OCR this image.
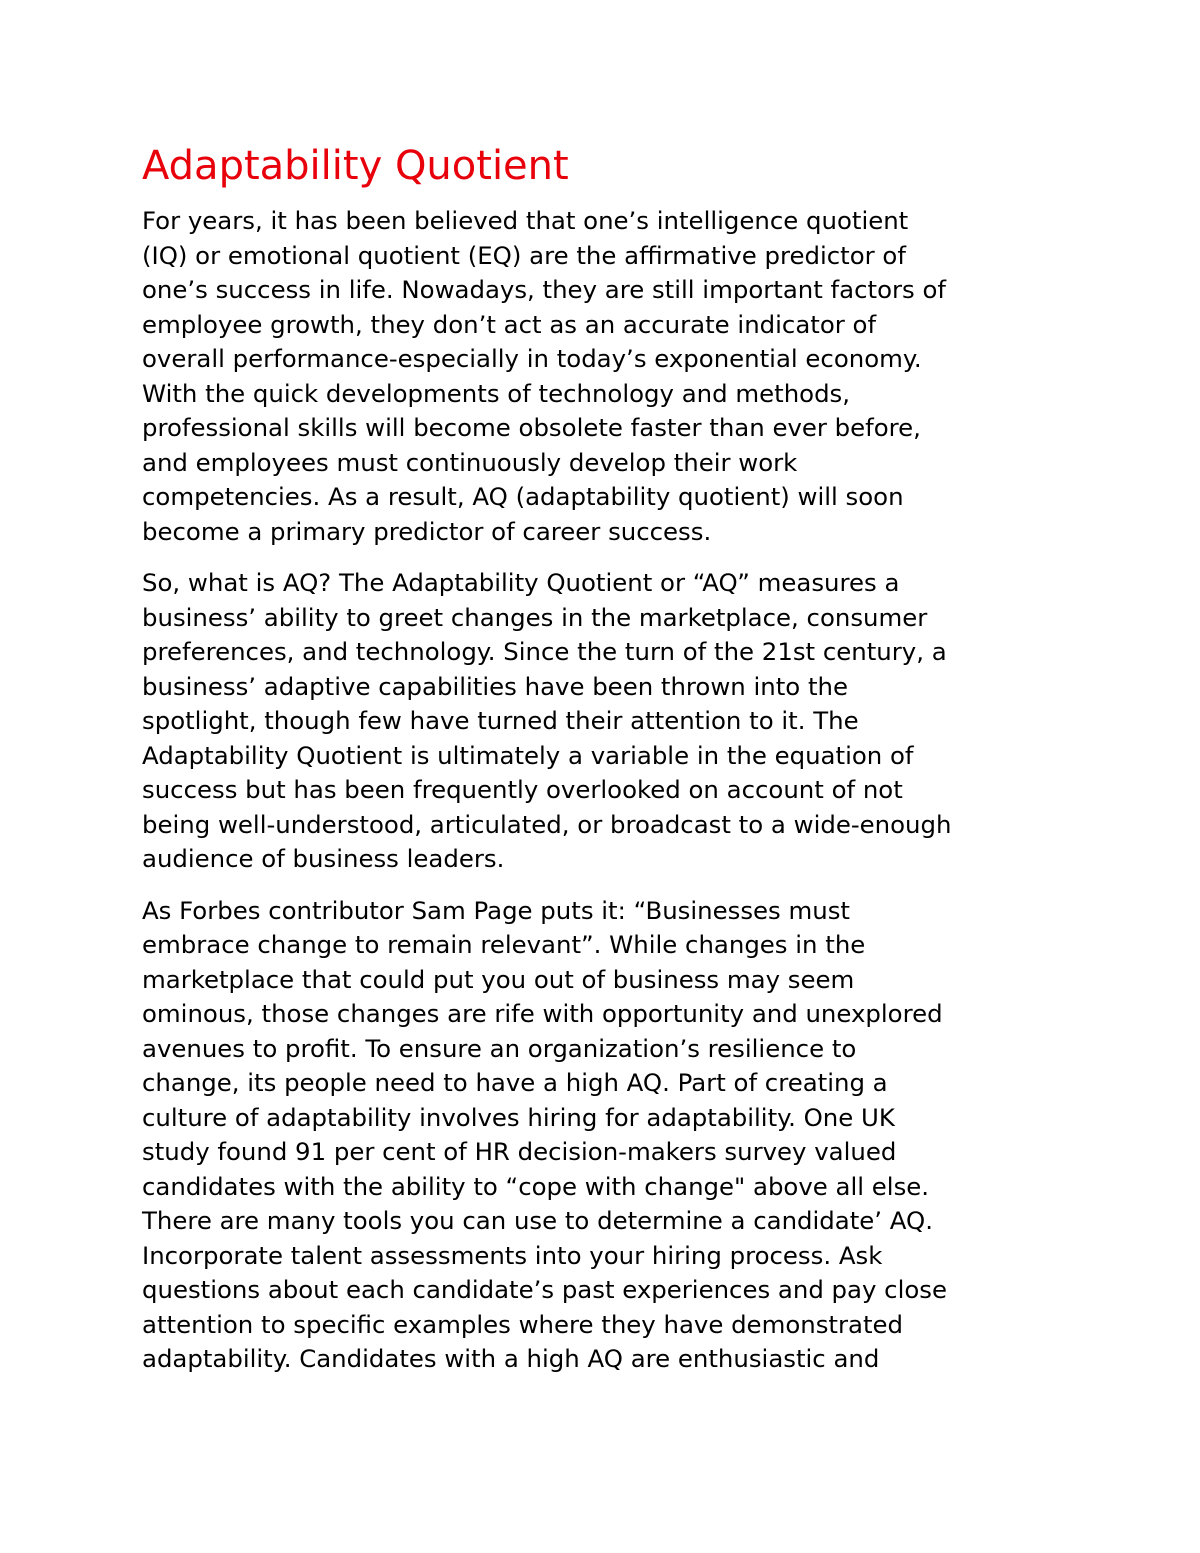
Adaptability Quotient

For years, it has been believed that one’s intelligence quotient
(IQ) or emotional quotient (EQ) are the affirmative predictor of
one’s success in life. Nowadays, they are still important factors of
employee growth, they don’t act as an accurate indicator of
overall performance-especially in today’s exponential economy.
With the quick developments of technology and methods,
professional skills will become obsolete faster than ever before,
and employees must continuously develop their work
competencies. As a result, AQ (adaptability quotient) will soon
become a primary predictor of career success.

So, what is AQ? The Adaptability Quotient or “AQ” measures a
business’ ability to greet changes in the marketplace, consumer
preferences, and technology. Since the turn of the 21st century, a
business’ adaptive capabilities have been thrown into the
spotlight, though few have turned their attention to it. The
Adaptability Quotient is ultimately a variable in the equation of
success but has been frequently overlooked on account of not
being well-understood, articulated, or broadcast to a wide-enough
audience of business leaders.

As Forbes contributor Sam Page puts it: “Businesses must
embrace change to remain relevant”. While changes in the
marketplace that could put you out of business may seem
ominous, those changes are rife with opportunity and unexplored
avenues to profit. To ensure an organization’s resilience to
change, its people need to have a high AQ. Part of creating a
culture of adaptability involves hiring for adaptability. One UK
study found 91 per cent of HR decision-makers survey valued
candidates with the ability to “cope with change" above all else.
There are many tools you can use to determine a candidate’ AQ.
Incorporate talent assessments into your hiring process. Ask
questions about each candidate’s past experiences and pay close
attention to specific examples where they have demonstrated
adaptability. Candidates with a high AQ are enthusiastic and
